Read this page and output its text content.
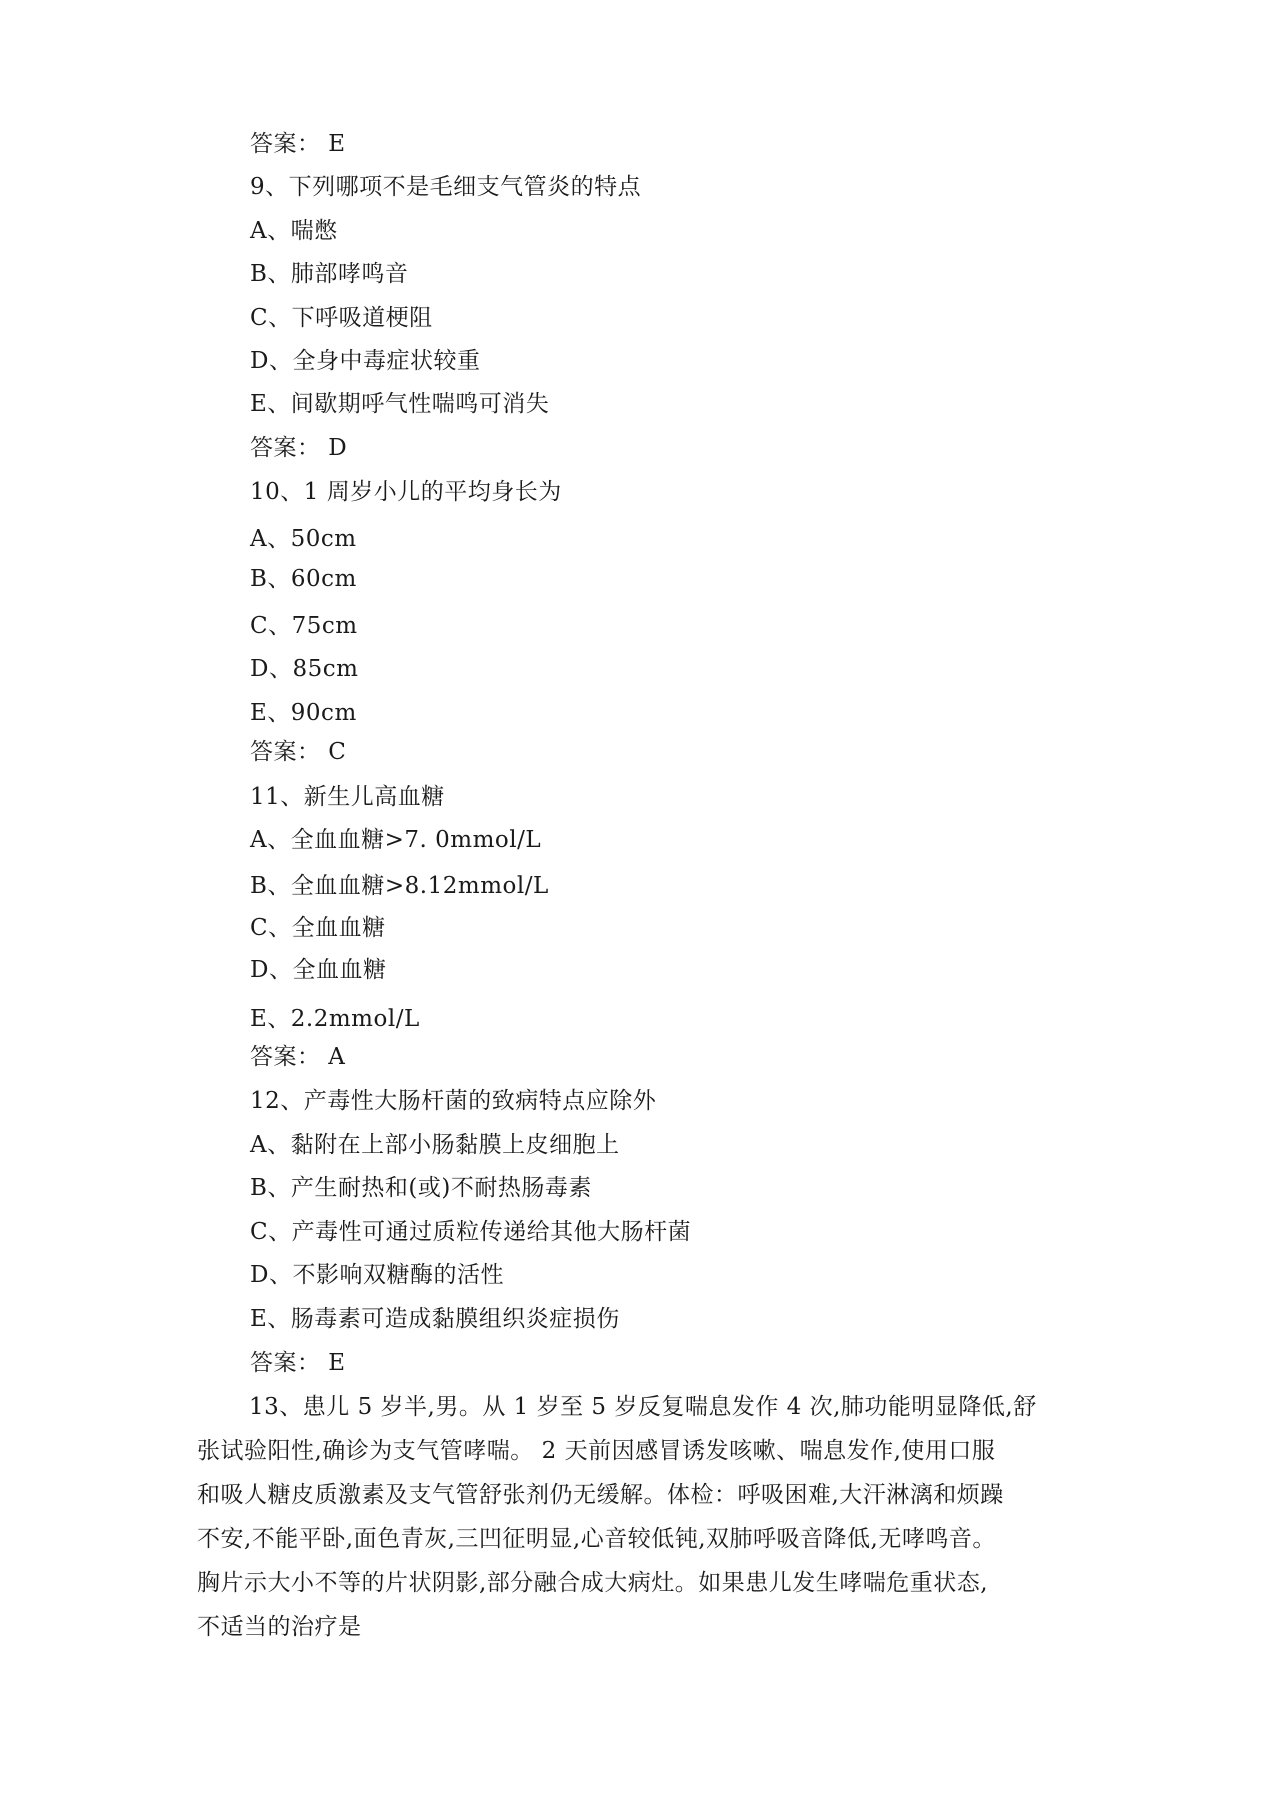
答案： E
9、下列哪项不是毛细支气管炎的特点
A、喘憋
B、肺部哮鸣音
C、下呼吸道梗阻
D、全身中毒症状较重
E、间歇期呼气性喘鸣可消失
答案： D
10、1 周岁小儿的平均身长为
A、50cm
B、60cm
C、75cm
D、85cm
E、90cm
答案： C
11、新生儿高血糖
A、全血血糖>7. 0mmol/L
B、全血血糖>8.12mmol/L
C、全血血糖
D、全血血糖
E、2.2mmol/L
答案： A
12、产毒性大肠杆菌的致病特点应除外
A、黏附在上部小肠黏膜上皮细胞上
B、产生耐热和(或)不耐热肠毒素
C、产毒性可通过质粒传递给其他大肠杆菌
D、不影响双糖酶的活性
E、肠毒素可造成黏膜组织炎症损伤
答案： E
13、患儿 5 岁半,男。从 1 岁至 5 岁反复喘息发作 4 次,肺功能明显降低,舒
张试验阳性,确诊为支气管哮喘。 2 天前因感冒诱发咳嗽、喘息发作,使用口服
和吸人糖皮质激素及支气管舒张剂仍无缓解。体检：呼吸困难,大汗淋漓和烦躁
不安,不能平卧,面色青灰,三凹征明显,心音较低钝,双肺呼吸音降低,无哮鸣音。
胸片示大小不等的片状阴影,部分融合成大病灶。如果患儿发生哮喘危重状态,
不适当的治疗是
